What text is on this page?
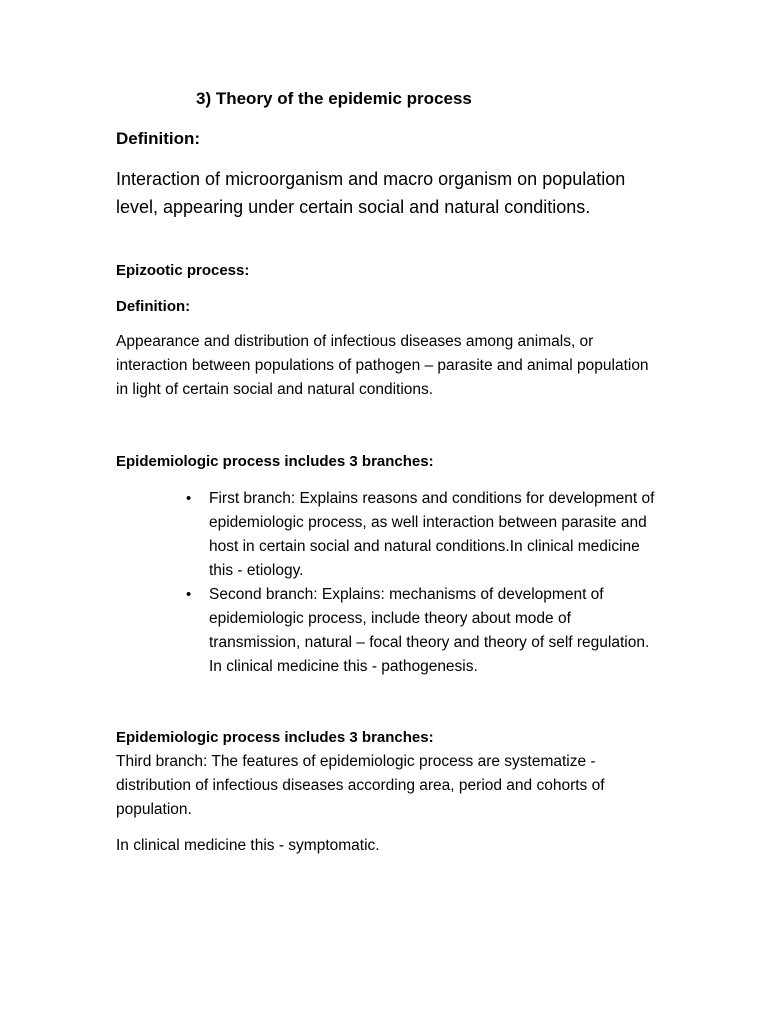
3) Theory of the epidemic process
Definition:

Interaction of microorganism and macro organism on population level, appearing under certain social and natural conditions.

Epizootic process:
Definition:

Appearance and distribution of infectious diseases among animals, or interaction between populations of pathogen – parasite and animal population in light of certain social and natural conditions.

Epidemiologic process includes 3 branches:
• First branch: Explains reasons and conditions for development of epidemiologic process, as well interaction between parasite and host in certain social and natural conditions.In clinical medicine this - etiology.
• Second branch: Explains: mechanisms of development of epidemiologic process, include theory about mode of transmission, natural – focal theory and theory of self regulation. In clinical medicine this - pathogenesis.
Epidemiologic process includes 3 branches:

Third branch: The features of epidemiologic process are systematize - distribution of infectious diseases according area, period and cohorts of population.

In clinical medicine this - symptomatic.
